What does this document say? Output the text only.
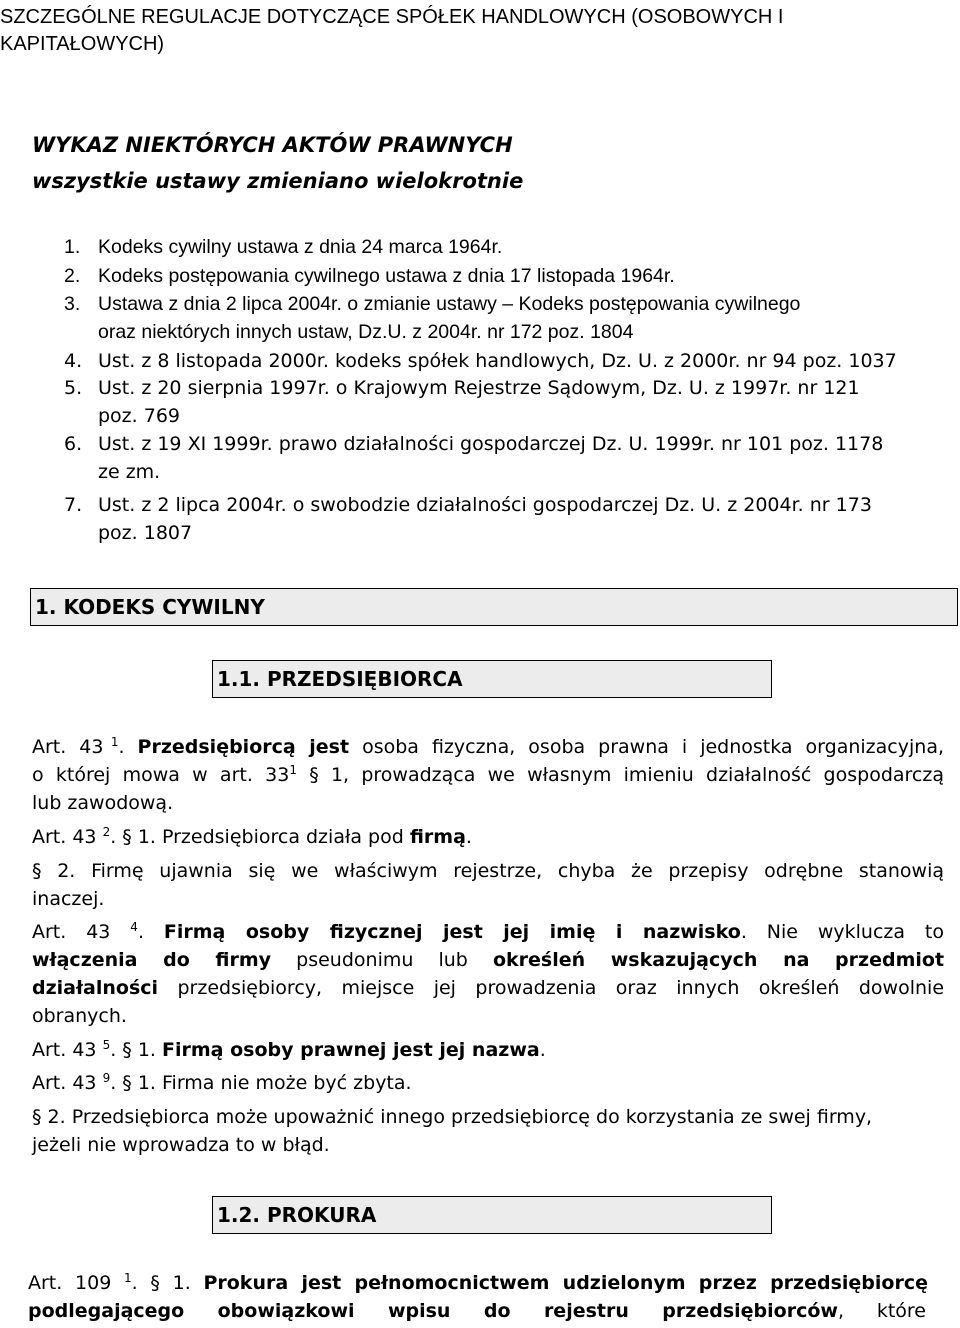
SZCZEGÓLNE REGULACJE DOTYCZĄCE SPÓŁEK HANDLOWYCH (OSOBOWYCH I
KAPITAŁOWYCH)
WYKAZ NIEKTÓRYCH AKTÓW PRAWNYCH
wszystkie ustawy zmieniano wielokrotnie
1. Kodeks cywilny ustawa z dnia 24 marca 1964r.
2. Kodeks postępowania cywilnego ustawa z dnia 17 listopada 1964r.
3. Ustawa z dnia 2 lipca 2004r. o zmianie ustawy – Kodeks postępowania cywilnego
oraz niektórych innych ustaw, Dz.U. z 2004r. nr 172 poz. 1804
4. Ust. z 8 listopada 2000r. kodeks spółek handlowych, Dz. U. z 2000r. nr 94 poz. 1037
5. Ust. z 20 sierpnia 1997r. o Krajowym Rejestrze Sądowym, Dz. U. z 1997r. nr 121
poz. 769
6. Ust. z 19 XI 1999r. prawo działalności gospodarczej Dz. U. 1999r. nr 101 poz. 1178
ze zm.
7. Ust. z 2 lipca 2004r. o swobodzie działalności gospodarczej Dz. U. z 2004r. nr 173
poz. 1807
1. KODEKS CYWILNY
1.1. PRZEDSIĘBIORCA
Art. 43 $^1$. Przedsiębiorcą jest osoba fizyczna, osoba prawna i jednostka organizacyjna,
o której mowa w art. $33^1$ § 1, prowadząca we własnym imieniu działalność gospodarczą
lub zawodową.
Art. 43 $^2$. § 1. Przedsiębiorca działa pod firmą.
§ 2. Firmę ujawnia się we właściwym rejestrze, chyba że przepisy odrębne stanowią
inaczej.
Art. 43 $^4$. Firmą osoby fizycznej jest jej imię i nazwisko. Nie wyklucza to
włączenia do firmy pseudonimu lub określeń wskazujących na przedmiot
działalności przedsiębiorcy, miejsce jej prowadzenia oraz innych określeń dowolnie
obranych.
Art. 43 $^5$. § 1. Firmą osoby prawnej jest jej nazwa.
Art. 43 $^9$. § 1. Firma nie może być zbyta.
§ 2. Przedsiębiorca może upoważnić innego przedsiębiorcę do korzystania ze swej firmy,
jeżeli nie wprowadza to w błąd.
1.2. PROKURA
Art. 109 $^1$. § 1. Prokura jest pełnomocnictwem udzielonym przez przedsiębiorcę
podlegającego obowiązkowi wpisu do rejestru przedsiębiorców, które
